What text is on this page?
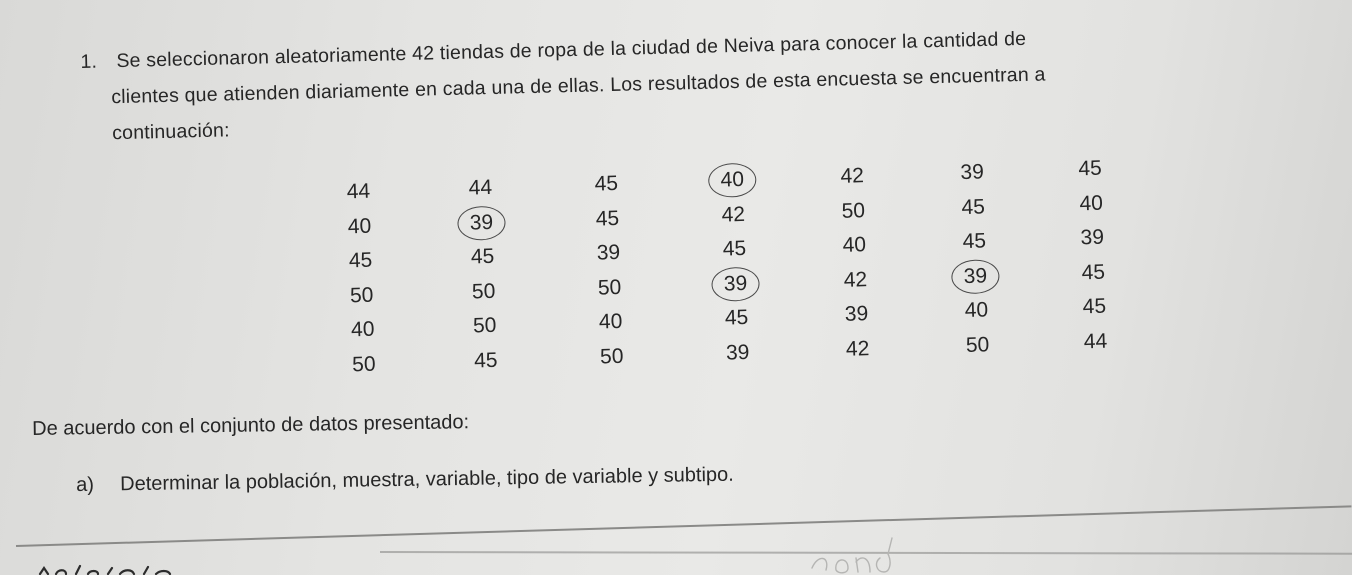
1. Se seleccionaron aleatoriamente 42 tiendas de ropa de la ciudad de Neiva para conocer la cantidad de
clientes que atienden diariamente en cada una de ellas. Los resultados de esta encuesta se encuentran a
continuación:
44	44	45	40	42	39	45
40	39	45	42	50	45	40
45	45	39	45	40	45	39
50	50	50	39	42	39	45
40	50	40	45	39	40	45
50	45	50	39	42	50	44
De acuerdo con el conjunto de datos presentado:
a) Determinar la población, muestra, variable, tipo de variable y subtipo.
